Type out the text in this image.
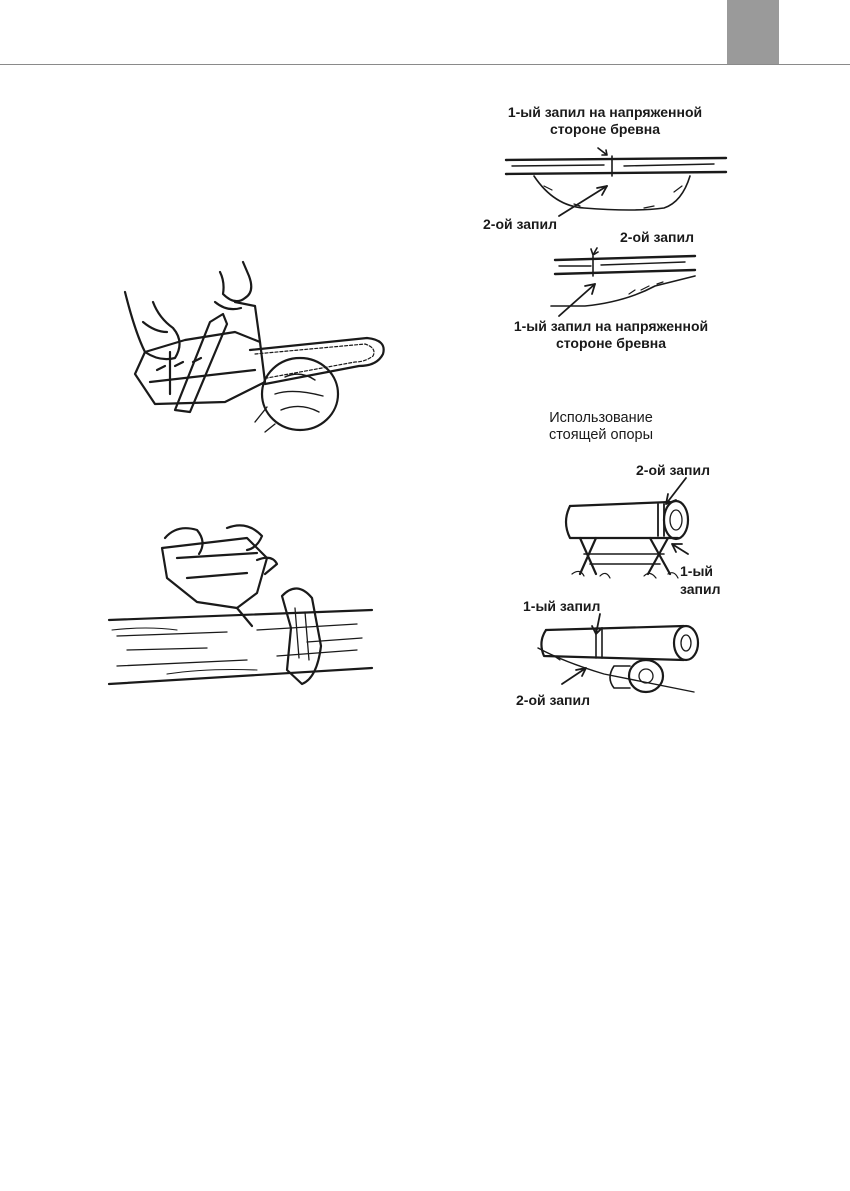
1-ый запил на напряженной
стороне бревна
2-ой запил
2-ой запил
1-ый запил на напряженной
стороне бревна
Использование
стоящей опоры
2-ой запил
1-ый
запил
1-ый запил
2-ой запил
